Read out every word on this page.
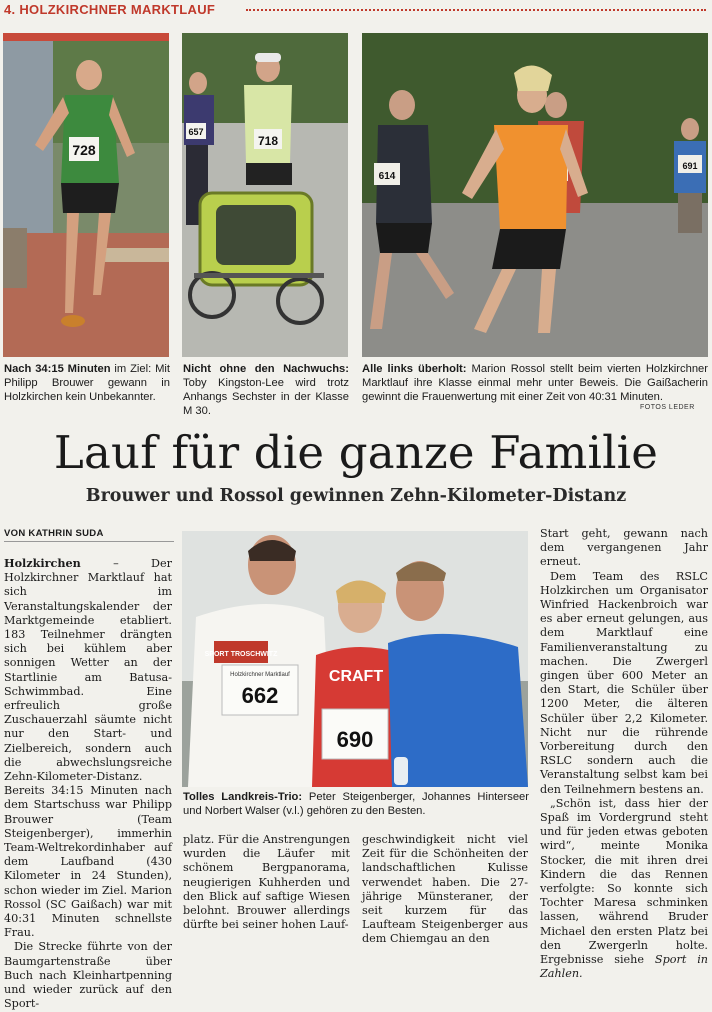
4. HOLZKIRCHNER MARKTLAUF
728
657
718
614
691
Nach 34:15 Minuten im Ziel: Mit Philipp Brouwer gewann in Holzkirchen kein Unbekannter.
Nicht ohne den Nachwuchs: Toby Kingston-Lee wird trotz Anhangs Sechster in der Klasse M 30.
Alle links überholt: Marion Rossol stellt beim vierten Holzkirchner Marktlauf ihre Klasse einmal mehr unter Beweis. Die Gaißacherin gewinnt die Frauenwertung mit einer Zeit von 40:31 Minuten.
FOTOS LEDER
Lauf für die ganze Familie
Brouwer und Rossol gewinnen Zehn-Kilometer-Distanz
VON KATHRIN SUDA

Holzkirchen – Der Holzkirchner Marktlauf hat sich im Veranstaltungskalender der Marktgemeinde etabliert. 183 Teilnehmer drängten sich bei kühlem aber sonnigen Wetter an der Startlinie am Batusa-Schwimmbad. Eine erfreulich große Zuschauerzahl säumte nicht nur den Start- und Zielbereich, sondern auch die abwechslungsreiche Zehn-Kilometer-Distanz. Bereits 34:15 Minuten nach dem Startschuss war Philipp Brouwer (Team Steigenberger), immerhin Team-Weltrekordinhaber auf dem Laufband (430 Kilometer in 24 Stunden), schon wieder im Ziel. Marion Rossol (SC Gaißach) war mit 40:31 Minuten schnellste Frau.

Die Strecke führte von der Baumgartenstraße über Buch nach Kleinhartpenning und wieder zurück auf den Sport-

SPORT TROSCHWITZ
Holzkirchner Marktlauf
662
CRAFT
690
Tolles Landkreis-Trio: Peter Steigenberger, Johannes Hinterseer und Norbert Walser (v.l.) gehören zu den Besten.

platz. Für die Anstrengungen wurden die Läufer mit schönem Bergpanorama, neugierigen Kuhherden und den Blick auf saftige Wiesen belohnt. Brouwer allerdings dürfte bei seiner hohen Lauf-

geschwindigkeit nicht viel Zeit für die Schönheiten der landschaftlichen Kulisse verwendet haben. Die 27-jährige Münsteraner, der seit kurzem für das Laufteam Steigenberger aus dem Chiemgau an den

Start geht, gewann nach dem vergangenen Jahr erneut.

Dem Team des RSLC Holzkirchen um Organisator Winfried Hackenbroich war es aber erneut gelungen, aus dem Marktlauf eine Familienveranstaltung zu machen. Die Zwergerl gingen über 600 Meter an den Start, die Schüler über 1200 Meter, die älteren Schüler über 2,2 Kilometer. Nicht nur die rührende Vorbereitung durch den RSLC sondern auch die Veranstaltung selbst kam bei den Teilnehmern bestens an.

„Schön ist, dass hier der Spaß im Vordergrund steht und für jeden etwas geboten wird“, meinte Monika Stocker, die mit ihren drei Kindern die das Rennen verfolgte: So konnte sich Tochter Maresa schminken lassen, während Bruder Michael den ersten Platz bei den Zwergerln holte. Ergebnisse siehe Sport in Zahlen.
